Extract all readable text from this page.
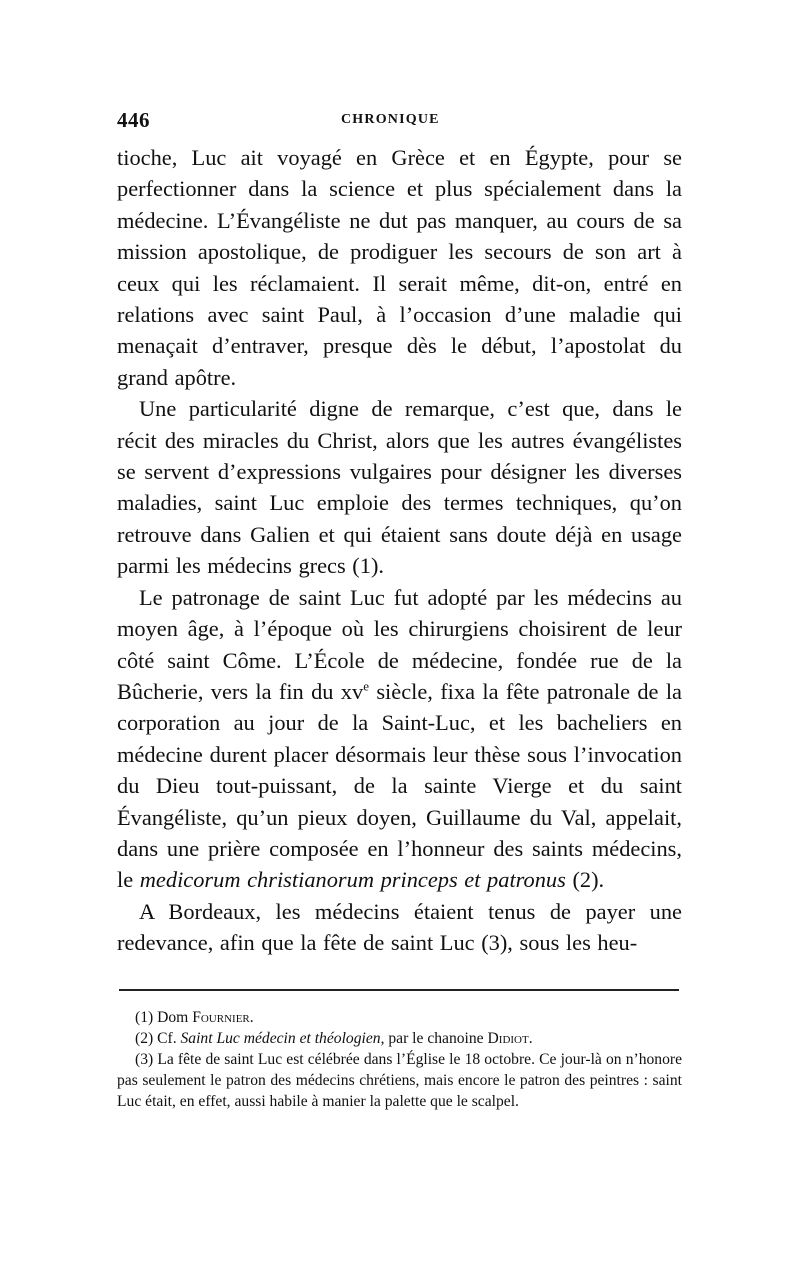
446	CHRONIQUE

tioche, Luc ait voyagé en Grèce et en Égypte, pour se perfectionner dans la science et plus spécialement dans la médecine. L’Évangéliste ne dut pas manquer, au cours de sa mission apostolique, de prodiguer les secours de son art à ceux qui les réclamaient. Il serait même, dit-on, entré en relations avec saint Paul, à l’occasion d’une maladie qui menaçait d’entraver, presque dès le début, l’apostolat du grand apôtre.

Une particularité digne de remarque, c’est que, dans le récit des miracles du Christ, alors que les autres évangélistes se servent d’expressions vulgaires pour désigner les diverses maladies, saint Luc emploie des termes techniques, qu’on retrouve dans Galien et qui étaient sans doute déjà en usage parmi les médecins grecs (1).

Le patronage de saint Luc fut adopté par les médecins au moyen âge, à l’époque où les chirurgiens choisirent de leur côté saint Côme. L’École de médecine, fondée rue de la Bûcherie, vers la fin du $xv^e$ siècle, fixa la fête patronale de la corporation au jour de la Saint-Luc, et les bacheliers en médecine durent placer désormais leur thèse sous l’invocation du Dieu tout-puissant, de la sainte Vierge et du saint Évangéliste, qu’un pieux doyen, Guillaume du Val, appelait, dans une prière composée en l’honneur des saints médecins, le medicorum christianorum princeps et patronus (2).

A Bordeaux, les médecins étaient tenus de payer une redevance, afin que la fête de saint Luc (3), sous les heu-

(1) Dom Fournier.

(2) Cf. Saint Luc médecin et théologien, par le chanoine Didiot.

(3) La fête de saint Luc est célébrée dans l’Église le 18 octobre. Ce jour-là on n’honore pas seulement le patron des médecins chrétiens, mais encore le patron des peintres : saint Luc était, en effet, aussi habile à manier la palette que le scalpel.
